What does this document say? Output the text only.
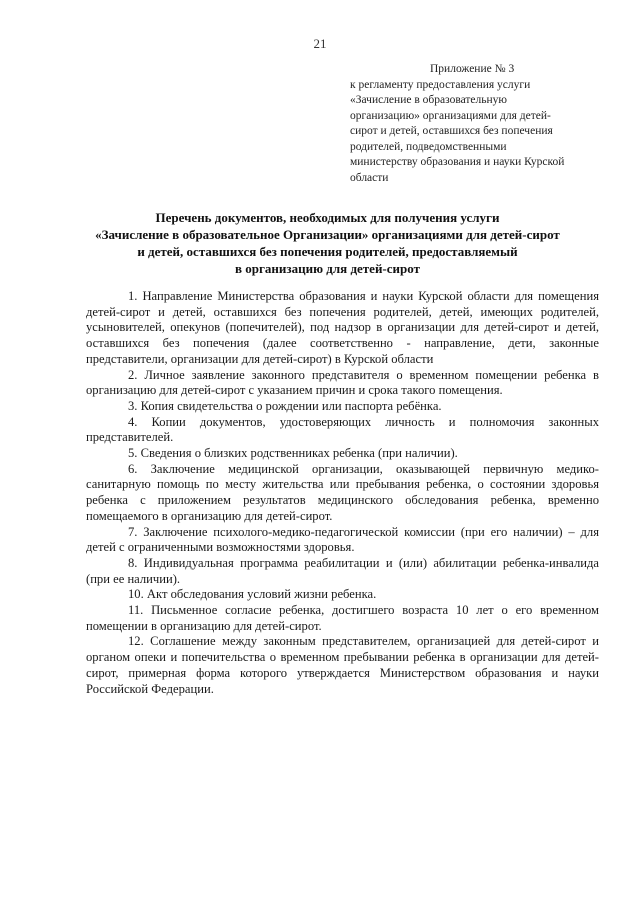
21
Приложение № 3
к регламенту предоставления услуги
«Зачисление в образовательную
организацию» организациями для детей-
сирот и детей, оставшихся без попечения
родителей, подведомственными
министерству образования и науки Курской
области
Перечень документов, необходимых для получения услуги
«Зачисление в образовательное Организации» организациями для детей-сирот
и детей, оставшихся без попечения родителей, предоставляемый
в организацию для детей-сирот

1. Направление Министерства образования и науки Курской области для помещения детей-сирот и детей, оставшихся без попечения родителей, детей, имеющих родителей, усыновителей, опекунов (попечителей), под надзор в организации для детей-сирот и детей, оставшихся без попечения (далее соответственно - направление, дети, законные представители, организации для детей-сирот) в Курской области

2. Личное заявление законного представителя о временном помещении ребенка в организацию для детей-сирот с указанием причин и срока такого помещения.

3. Копия свидетельства о рождении или паспорта ребёнка.

4. Копии документов, удостоверяющих личность и полномочия законных представителей.

5. Сведения о близких родственниках ребенка (при наличии).

6. Заключение медицинской организации, оказывающей первичную медико-санитарную помощь по месту жительства или пребывания ребенка, о состоянии здоровья ребенка с приложением результатов медицинского обследования ребенка, временно помещаемого в организацию для детей-сирот.

7. Заключение психолого-медико-педагогической комиссии (при его наличии) – для детей с ограниченными возможностями здоровья.

8. Индивидуальная программа реабилитации и (или) абилитации ребенка-инвалида (при ее наличии).

10. Акт обследования условий жизни ребенка.

11. Письменное согласие ребенка, достигшего возраста 10 лет о его временном помещении в организацию для детей-сирот.

12. Соглашение между законным представителем, организацией для детей-сирот и органом опеки и попечительства о временном пребывании ребенка в организации для детей-сирот, примерная форма которого утверждается Министерством образования и науки Российской Федерации.
